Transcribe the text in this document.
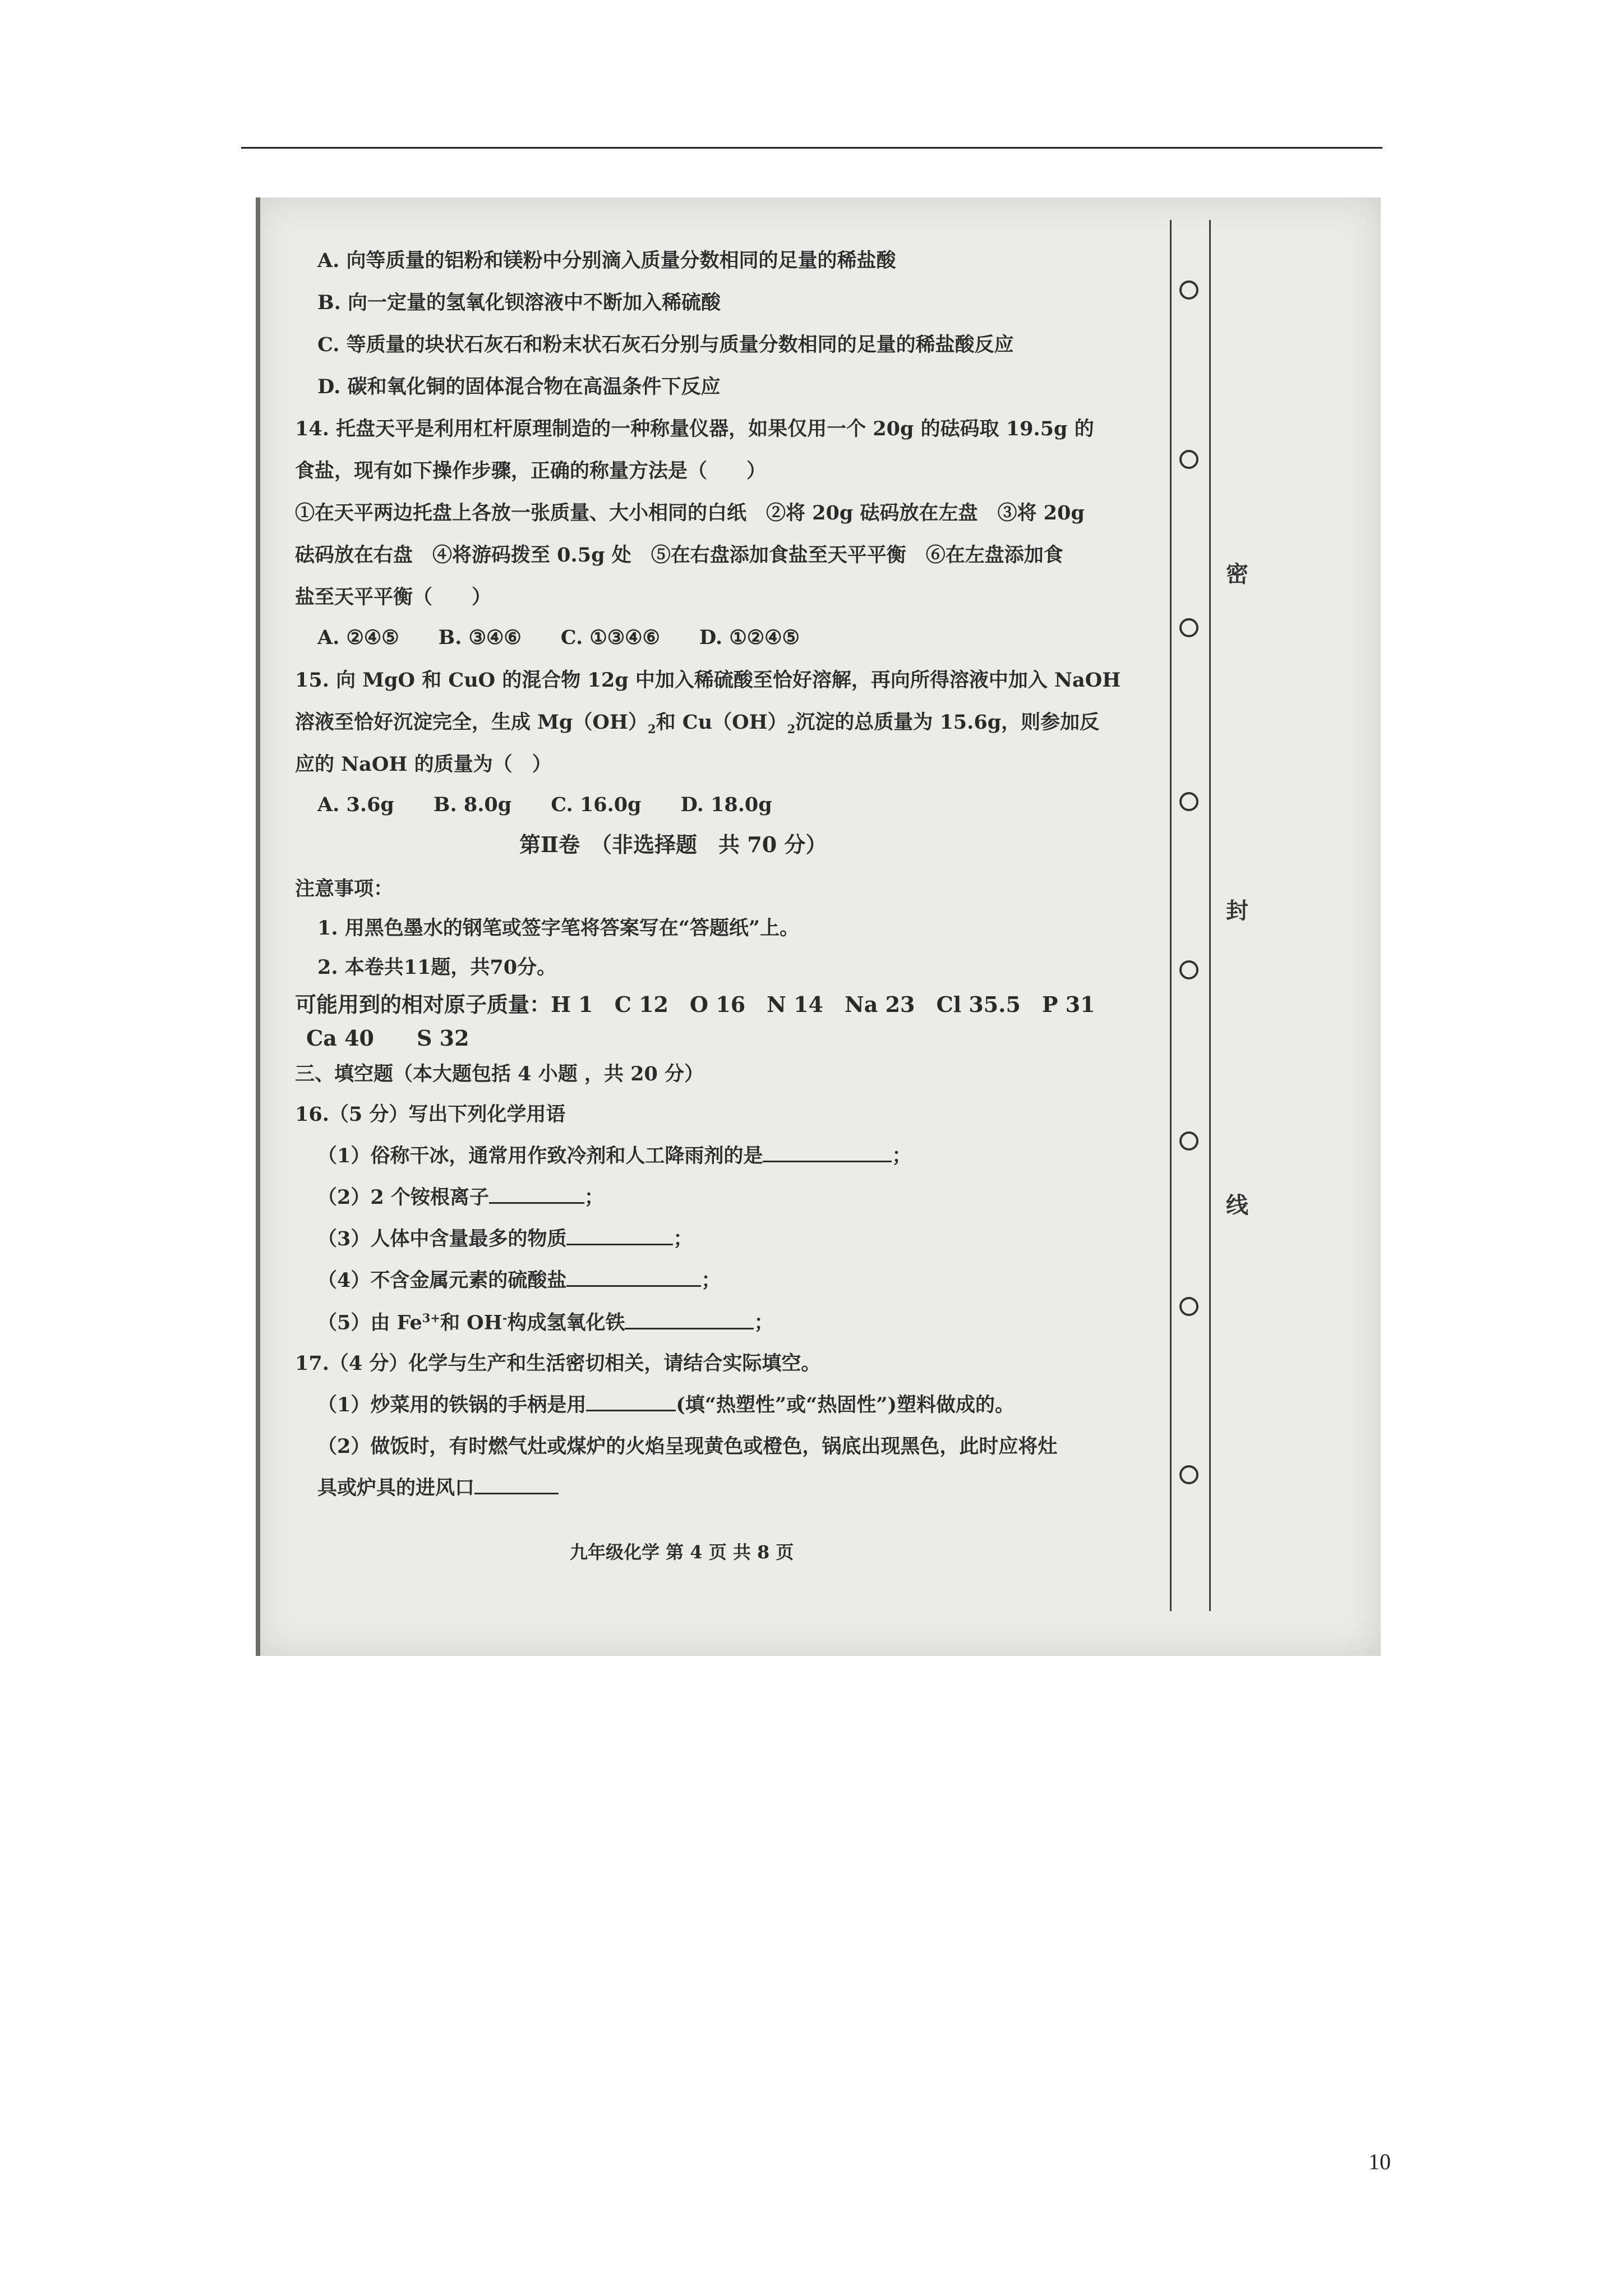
A. 向等质量的铝粉和镁粉中分别滴入质量分数相同的足量的稀盐酸
B. 向一定量的氢氧化钡溶液中不断加入稀硫酸
C. 等质量的块状石灰石和粉末状石灰石分别与质量分数相同的足量的稀盐酸反应
D. 碳和氧化铜的固体混合物在高温条件下反应
14. 托盘天平是利用杠杆原理制造的一种称量仪器，如果仅用一个 20g 的砝码取 19.5g 的
食盐，现有如下操作步骤，正确的称量方法是（　　）
①在天平两边托盘上各放一张质量、大小相同的白纸　②将 20g 砝码放在左盘　③将 20g
砝码放在右盘　④将游码拨至 0.5g 处　⑤在右盘添加食盐至天平平衡　⑥在左盘添加食
盐至天平平衡（　　）
A. ②④⑤　　B. ③④⑥　　C. ①③④⑥　　D. ①②④⑤
15. 向 MgO 和 CuO 的混合物 12g 中加入稀硫酸至恰好溶解，再向所得溶液中加入 NaOH
溶液至恰好沉淀完全，生成 $Mg(OH)_2$和 $Cu(OH)_2$沉淀的总质量为 15.6g，则参加反
应的 NaOH 的质量为（　）
A. 3.6g　　B. 8.0g　　C. 16.0g　　D. 18.0g
第Ⅱ卷　（非选择题　共 70 分）
注意事项：
1. 用黑色墨水的钢笔或签字笔将答案写在“答题纸”上。
2. 本卷共11题，共70分。
可能用到的相对原子质量：H 1　C 12　O 16　N 14　Na 23　Cl 35.5　P 31
Ca 40　　S 32
三、填空题（本大题包括 4 小题 ，共 20 分）
16.（5 分）写出下列化学用语
（1）俗称干冰，通常用作致冷剂和人工降雨剂的是	；
（2）2 个铵根离子	；
（3）人体中含量最多的物质	；
（4）不含金属元素的硫酸盐	；
（5）由 $Fe^{3+}$和 OH-构成氢氧化铁	；
17.（4 分）化学与生产和生活密切相关，请结合实际填空。
（1）炒菜用的铁锅的手柄是用	(填“热塑性”或“热固性”)塑料做成的。
（2）做饭时，有时燃气灶或煤炉的火焰呈现黄色或橙色，锅底出现黑色，此时应将灶
具或炉具的进风口
密
封
线
九年级化学 第 4 页 共 8 页
10
